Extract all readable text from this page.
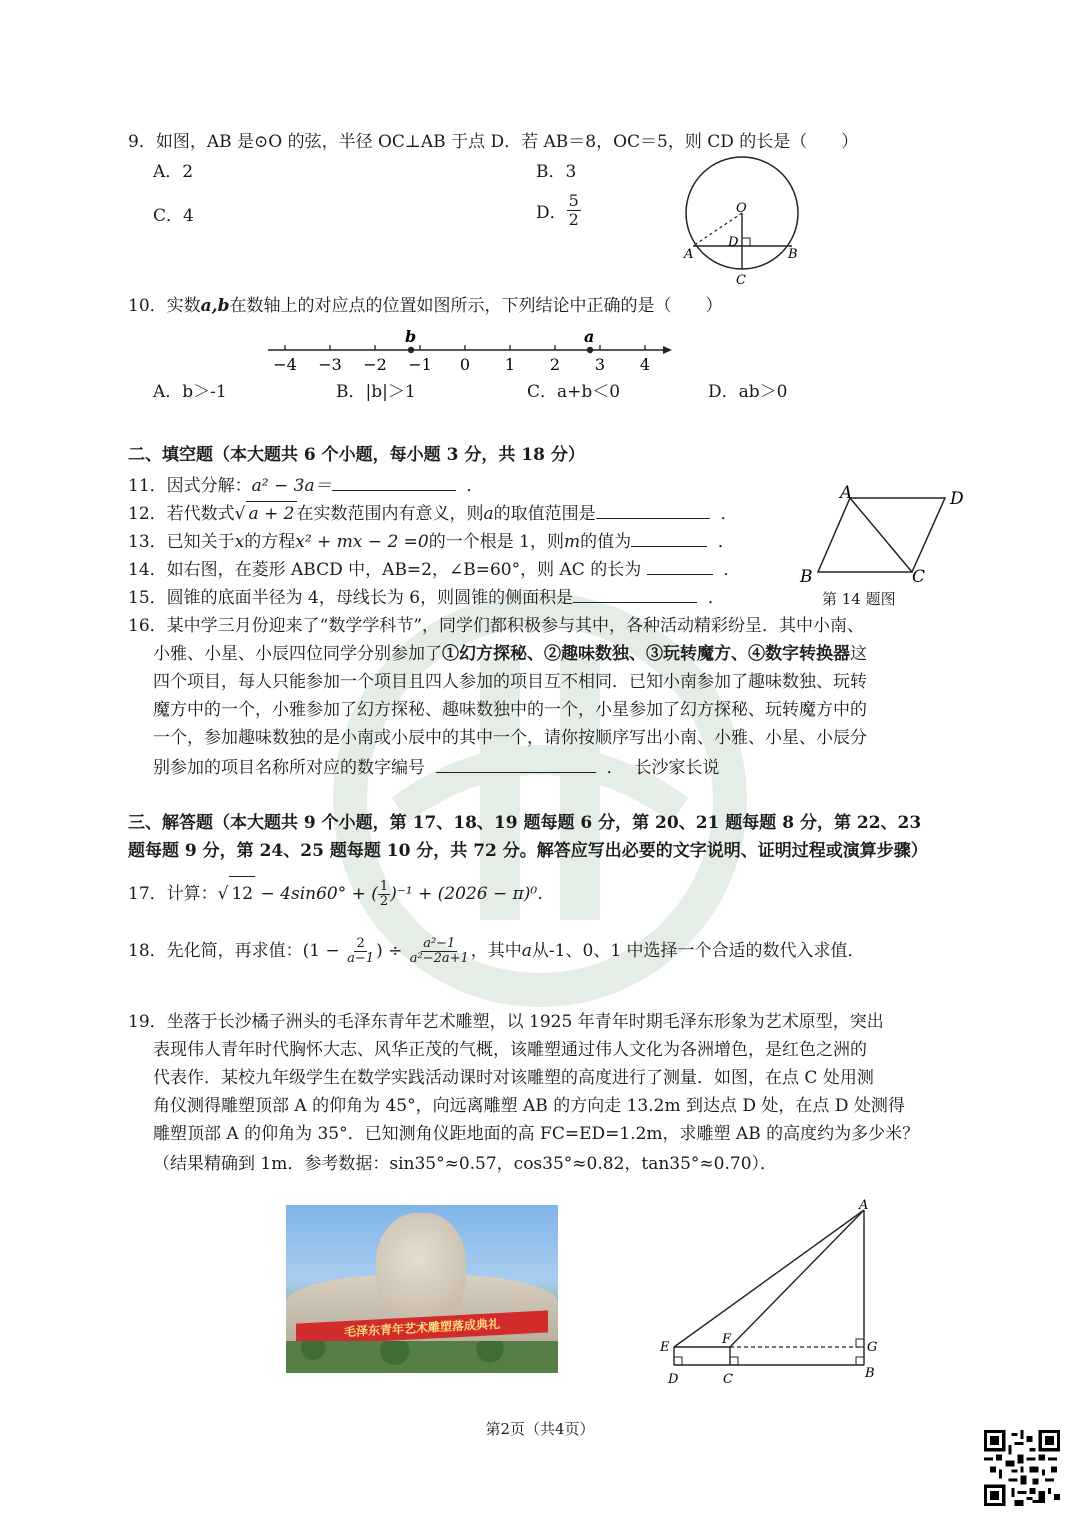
9．如图，AB 是⊙O 的弦，半径 OC⊥AB 于点 D．若 AB＝8，OC＝5，则 CD 的长是（　　）
A．2	B．3
C．4	D． $\frac{5}{2}$	O
D
A	B
C
10．实数a,b在数轴上的对应点的位置如图所示，下列结论中正确的是（　　）
−4 −3 −2 −1 0 1 2 3 4
b	a
A．b＞-1	B．|b|＞1	C．a+b＜0	D．ab＞0
二、填空题（本大题共 6 个小题，每小题 3 分，共 18 分）
11．因式分解：a² − 3a＝	．
12．若代数式√ a + 2 在实数范围内有意义，则a的取值范围是	．
13．已知关于x的方程x² + mx − 2 =0的一个根是 1，则m的值为	．
14．如右图，在菱形 ABCD 中，AB=2，∠B=60°，则 AC 的长为	．
15．圆锥的底面半径为 4，母线长为 6，则圆锥的侧面积是	．
A	D
B	C
第 14 题图
16．某中学三月份迎来了“数学学科节”，同学们都积极参与其中，各种活动精彩纷呈．其中小南、
小雅、小星、小辰四位同学分别参加了①幻方探秘、②趣味数独、③玩转魔方、④数字转换器这
四个项目，每人只能参加一个项目且四人参加的项目互不相同．已知小南参加了趣味数独、玩转
魔方中的一个，小雅参加了幻方探秘、趣味数独中的一个，小星参加了幻方探秘、玩转魔方中的
一个，参加趣味数独的是小南或小辰中的其中一个，请你按顺序写出小南、小雅、小星、小辰分
别参加的项目名称所对应的数字编号	． 长沙家长说
三、解答题（本大题共 9 个小题，第 17、18、19 题每题 6 分，第 20、21 题每题 8 分，第 22、23
题每题 9 分，第 24、25 题每题 10 分，共 72 分。解答应写出必要的文字说明、证明过程或演算步骤）
17．计算：√ 12 − 4sin60° + ( $\frac{1}{2} )^{-1} + (2026 - \pi)^0$．
18．先化简，再求值：($1 - \frac{2}{a-1}$ ) ÷ $\frac{\text{a²−1}}{\text{a²−2a+1}}$ ，其中a从-1、0、1 中选择一个合适的数代入求值．
19．坐落于长沙橘子洲头的毛泽东青年艺术雕塑，以 1925 年青年时期毛泽东形象为艺术原型，突出
表现伟人青年时代胸怀大志、风华正茂的气概，该雕塑通过伟人文化为各洲增色，是红色之洲的
代表作．某校九年级学生在数学实践活动课时对该雕塑的高度进行了测量．如图，在点 C 处用测
角仪测得雕塑顶部 A 的仰角为 45°，向远离雕塑 AB 的方向走 13.2m 到达点 D 处，在点 D 处测得
雕塑顶部 A 的仰角为 35°．已知测角仪距地面的高 FC=ED=1.2m，求雕塑 AB 的高度约为多少米？
（结果精确到 1m．参考数据：sin35°≈0.57，cos35°≈0.82，tan35°≈0.70）．
毛泽东青年艺术雕塑落成典礼
A
E
F
G
D	C	B
第2页（共4页）
